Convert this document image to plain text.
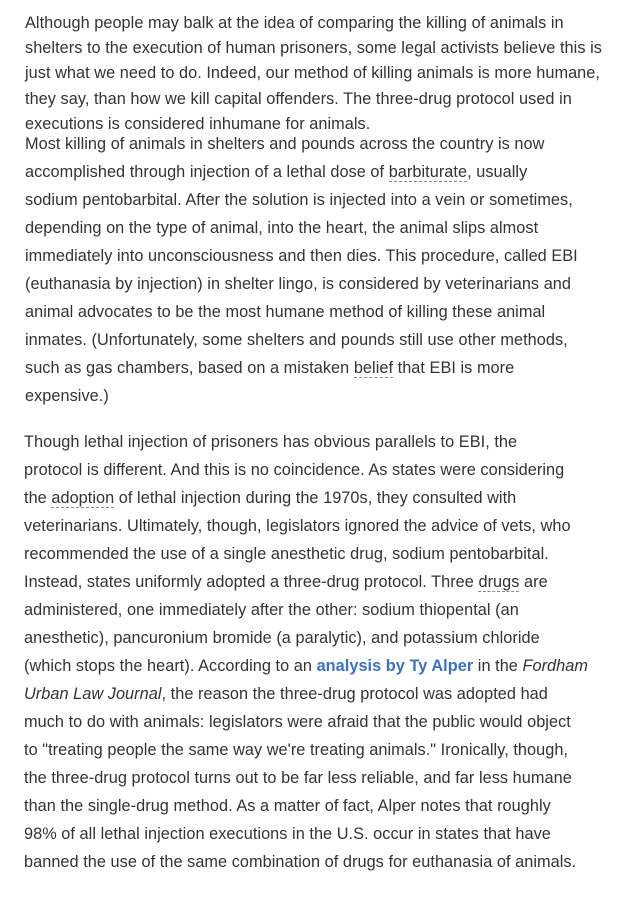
Although people may balk at the idea of comparing the killing of animals in
shelters to the execution of human prisoners, some legal activists believe this is
just what we need to do. Indeed, our method of killing animals is more humane,
they say, than how we kill capital offenders. The three-drug protocol used in
executions is considered inhumane for animals.

Most killing of animals in shelters and pounds across the country is now
accomplished through injection of a lethal dose of barbiturate, usually
sodium pentobarbital. After the solution is injected into a vein or sometimes,
depending on the type of animal, into the heart, the animal slips almost
immediately into unconsciousness and then dies. This procedure, called EBI
(euthanasia by injection) in shelter lingo, is considered by veterinarians and
animal advocates to be the most humane method of killing these animal
inmates. (Unfortunately, some shelters and pounds still use other methods,
such as gas chambers, based on a mistaken belief that EBI is more
expensive.)

Though lethal injection of prisoners has obvious parallels to EBI, the
protocol is different. And this is no coincidence. As states were considering
the adoption of lethal injection during the 1970s, they consulted with
veterinarians. Ultimately, though, legislators ignored the advice of vets, who
recommended the use of a single anesthetic drug, sodium pentobarbital.
Instead, states uniformly adopted a three-drug protocol. Three drugs are
administered, one immediately after the other: sodium thiopental (an
anesthetic), pancuronium bromide (a paralytic), and potassium chloride
(which stops the heart). According to an analysis by Ty Alper in the Fordham
Urban Law Journal, the reason the three-drug protocol was adopted had
much to do with animals: legislators were afraid that the public would object
to "treating people the same way we're treating animals." Ironically, though,
the three-drug protocol turns out to be far less reliable, and far less humane
than the single-drug method. As a matter of fact, Alper notes that roughly
98% of all lethal injection executions in the U.S. occur in states that have
banned the use of the same combination of drugs for euthanasia of animals.
